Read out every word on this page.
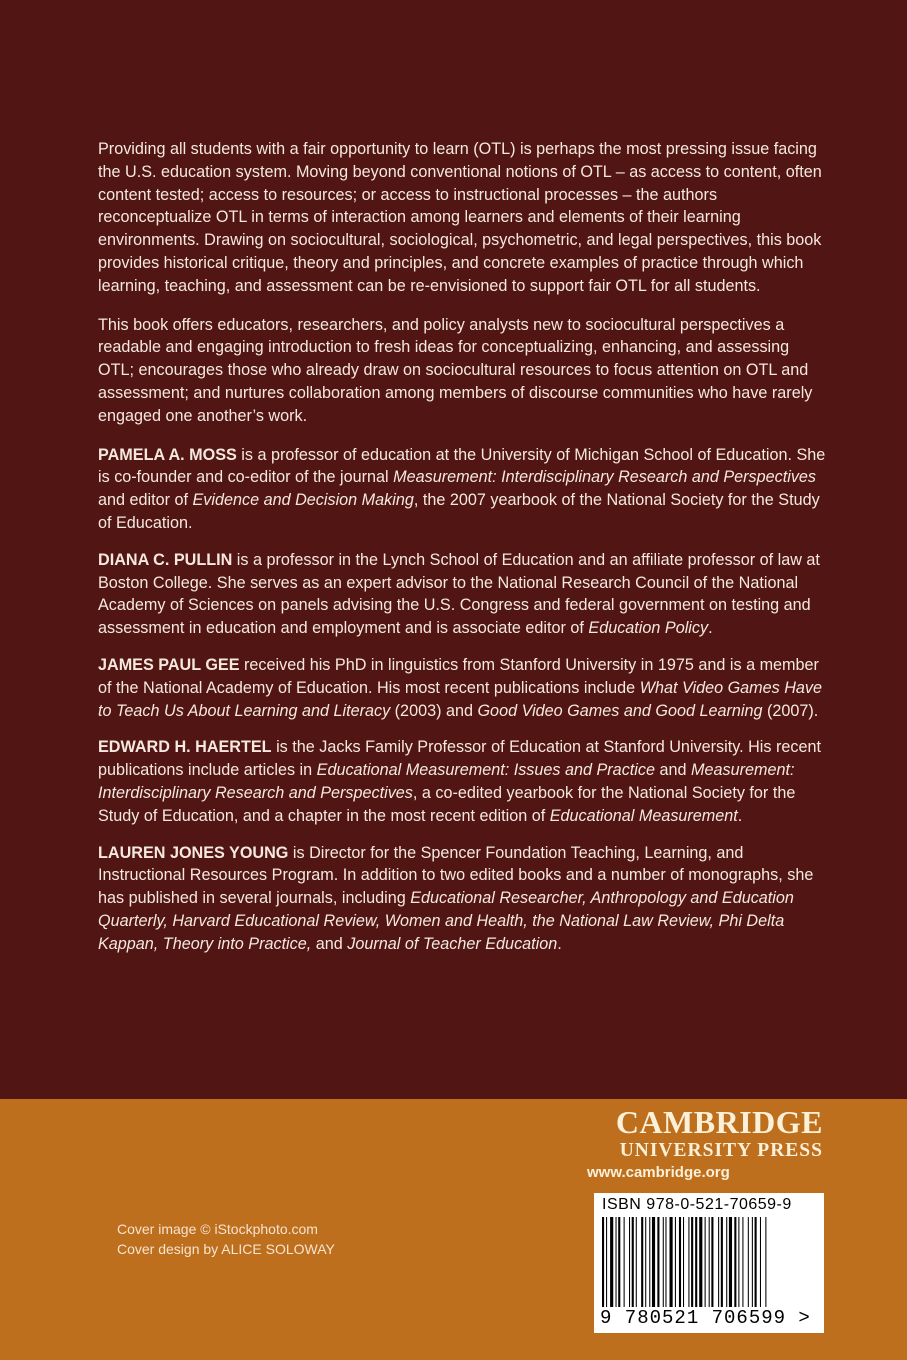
Providing all students with a fair opportunity to learn (OTL) is perhaps the most pressing issue facing the U.S. education system. Moving beyond conventional notions of OTL – as access to content, often content tested; access to resources; or access to instructional processes – the authors reconceptualize OTL in terms of interaction among learners and elements of their learning environments. Drawing on sociocultural, sociological, psychometric, and legal perspectives, this book provides historical critique, theory and principles, and concrete examples of practice through which learning, teaching, and assessment can be re-envisioned to support fair OTL for all students.

This book offers educators, researchers, and policy analysts new to sociocultural perspectives a readable and engaging introduction to fresh ideas for conceptualizing, enhancing, and assessing OTL; encourages those who already draw on sociocultural resources to focus attention on OTL and assessment; and nurtures collaboration among members of discourse communities who have rarely engaged one another’s work.

PAMELA A. MOSS is a professor of education at the University of Michigan School of Education. She is co-founder and co-editor of the journal Measurement: Interdisciplinary Research and Perspectives and editor of Evidence and Decision Making, the 2007 yearbook of the National Society for the Study of Education.

DIANA C. PULLIN is a professor in the Lynch School of Education and an affiliate professor of law at Boston College. She serves as an expert advisor to the National Research Council of the National Academy of Sciences on panels advising the U.S. Congress and federal government on testing and assessment in education and employment and is associate editor of Education Policy.

JAMES PAUL GEE received his PhD in linguistics from Stanford University in 1975 and is a member of the National Academy of Education. His most recent publications include What Video Games Have to Teach Us About Learning and Literacy (2003) and Good Video Games and Good Learning (2007).

EDWARD H. HAERTEL is the Jacks Family Professor of Education at Stanford University. His recent publications include articles in Educational Measurement: Issues and Practice and Measurement: Interdisciplinary Research and Perspectives, a co-edited yearbook for the National Society for the Study of Education, and a chapter in the most recent edition of Educational Measurement.

LAUREN JONES YOUNG is Director for the Spencer Foundation Teaching, Learning, and Instructional Resources Program. In addition to two edited books and a number of monographs, she has published in several journals, including Educational Researcher, Anthropology and Education Quarterly, Harvard Educational Review, Women and Health, the National Law Review, Phi Delta Kappan, Theory into Practice, and Journal of Teacher Education.

CAMBRIDGE
UNIVERSITY PRESS
www.cambridge.org
ISBN 978-0-521-70659-9
9 780521 706599 >
Cover image © iStockphoto.com
Cover design by ALICE SOLOWAY
